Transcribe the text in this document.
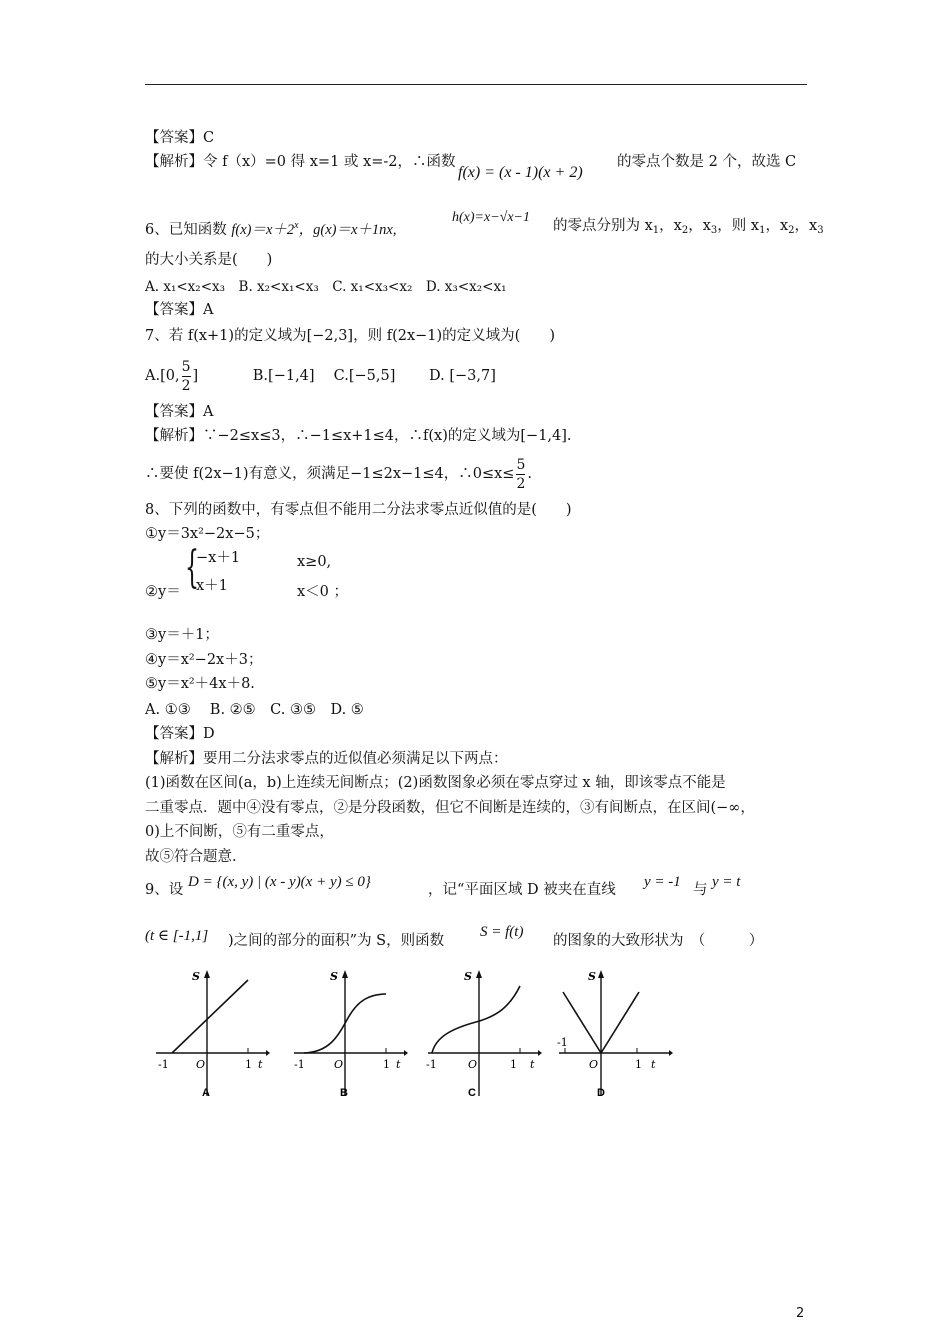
【答案】C
【解析】令 f（x）=0 得 x=1 或 x=-2，∴函数
f(x) = (x - 1)(x + 2)
的零点个数是 2 个，故选 C
6、已知函数 $f(x)=x+2^x$，g(x)＝x＋1nx,
h(x)=x−√x−1
的零点分别为 $x_1$，$x_2$，$x_3$，则 $x_1$，$x_2$，$x_3$
的大小关系是(　　)
A. x₁<x₂<x₃　B. x₂<x₁<x₃　C. x₁<x₃<x₂　D. x₃<x₂<x₁
【答案】A
7、若 f(x+1)的定义域为[−2,3]，则 f(2x−1)的定义域为(　　)
A.[0, $\frac{5}{2}$ ]	B.[−1,4]　 C.[−5,5]　　 D. [−3,7]
【答案】A
【解析】∵−2≤x≤3，∴−1≤x+1≤4，∴f(x)的定义域为[−1,4].
∴要使 f(2x−1)有意义，须满足−1≤2x−1≤4，∴0≤x≤ $\frac{5}{2}$ .
8、下列的函数中，有零点但不能用二分法求零点近似值的是(　　)
①y＝3x²−2x−5；
{
−x＋1	x≥0,
②y＝ x＋1	x＜0 ；
③y＝＋1；
④y＝x²−2x＋3；
⑤y＝x²＋4x＋8.
A. ①③　 B. ②⑤　C. ③⑤　D. ⑤
【答案】D
【解析】要用二分法求零点的近似值必须满足以下两点：
(1)函数在区间(a，b)上连续无间断点；(2)函数图象必须在零点穿过 x 轴，即该零点不能是
二重零点．题中④没有零点，②是分段函数，但它不间断是连续的，③有间断点，在区间(−∞，
0)上不间断，⑤有二重零点，
故⑤符合题意.
9、设 D = {(x, y) | (x - y)(x + y) ≤ 0}	，记“平面区域 D 被夹在直线 y = -1 与 y = t
(t ∈ [-1,1] )之间的部分的面积”为 S，则函数
S = f(t)
的图象的大致形状为　（　　　）
S
t
O
-1	1
A
S
t
O
-1	1
B
S
t
O
-1	1
C
S
t
O
-1
1
D
2
